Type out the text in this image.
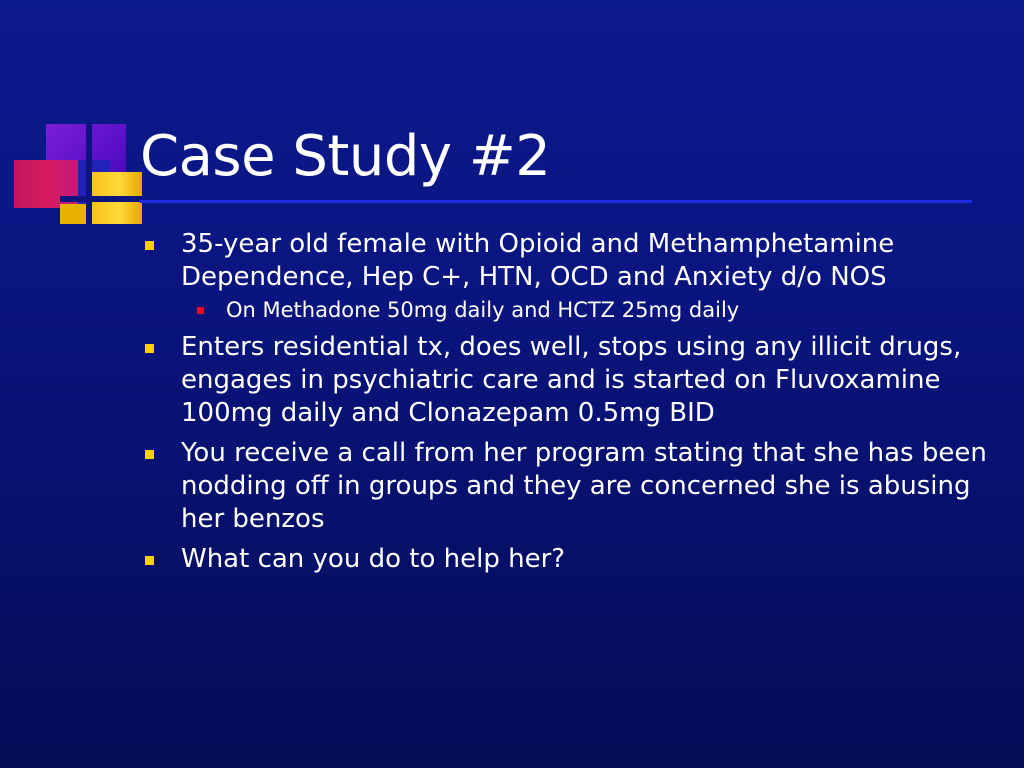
Case Study #2
35-year old female with Opioid and Methamphetamine Dependence, Hep C+, HTN, OCD and Anxiety d/o NOS
On Methadone 50mg daily and HCTZ 25mg daily
Enters residential tx, does well, stops using any illicit drugs, engages in psychiatric care and is started on Fluvoxamine 100mg daily and Clonazepam 0.5mg BID
You receive a call from her program stating that she has been nodding off in groups and they are concerned she is abusing her benzos
What can you do to help her?
